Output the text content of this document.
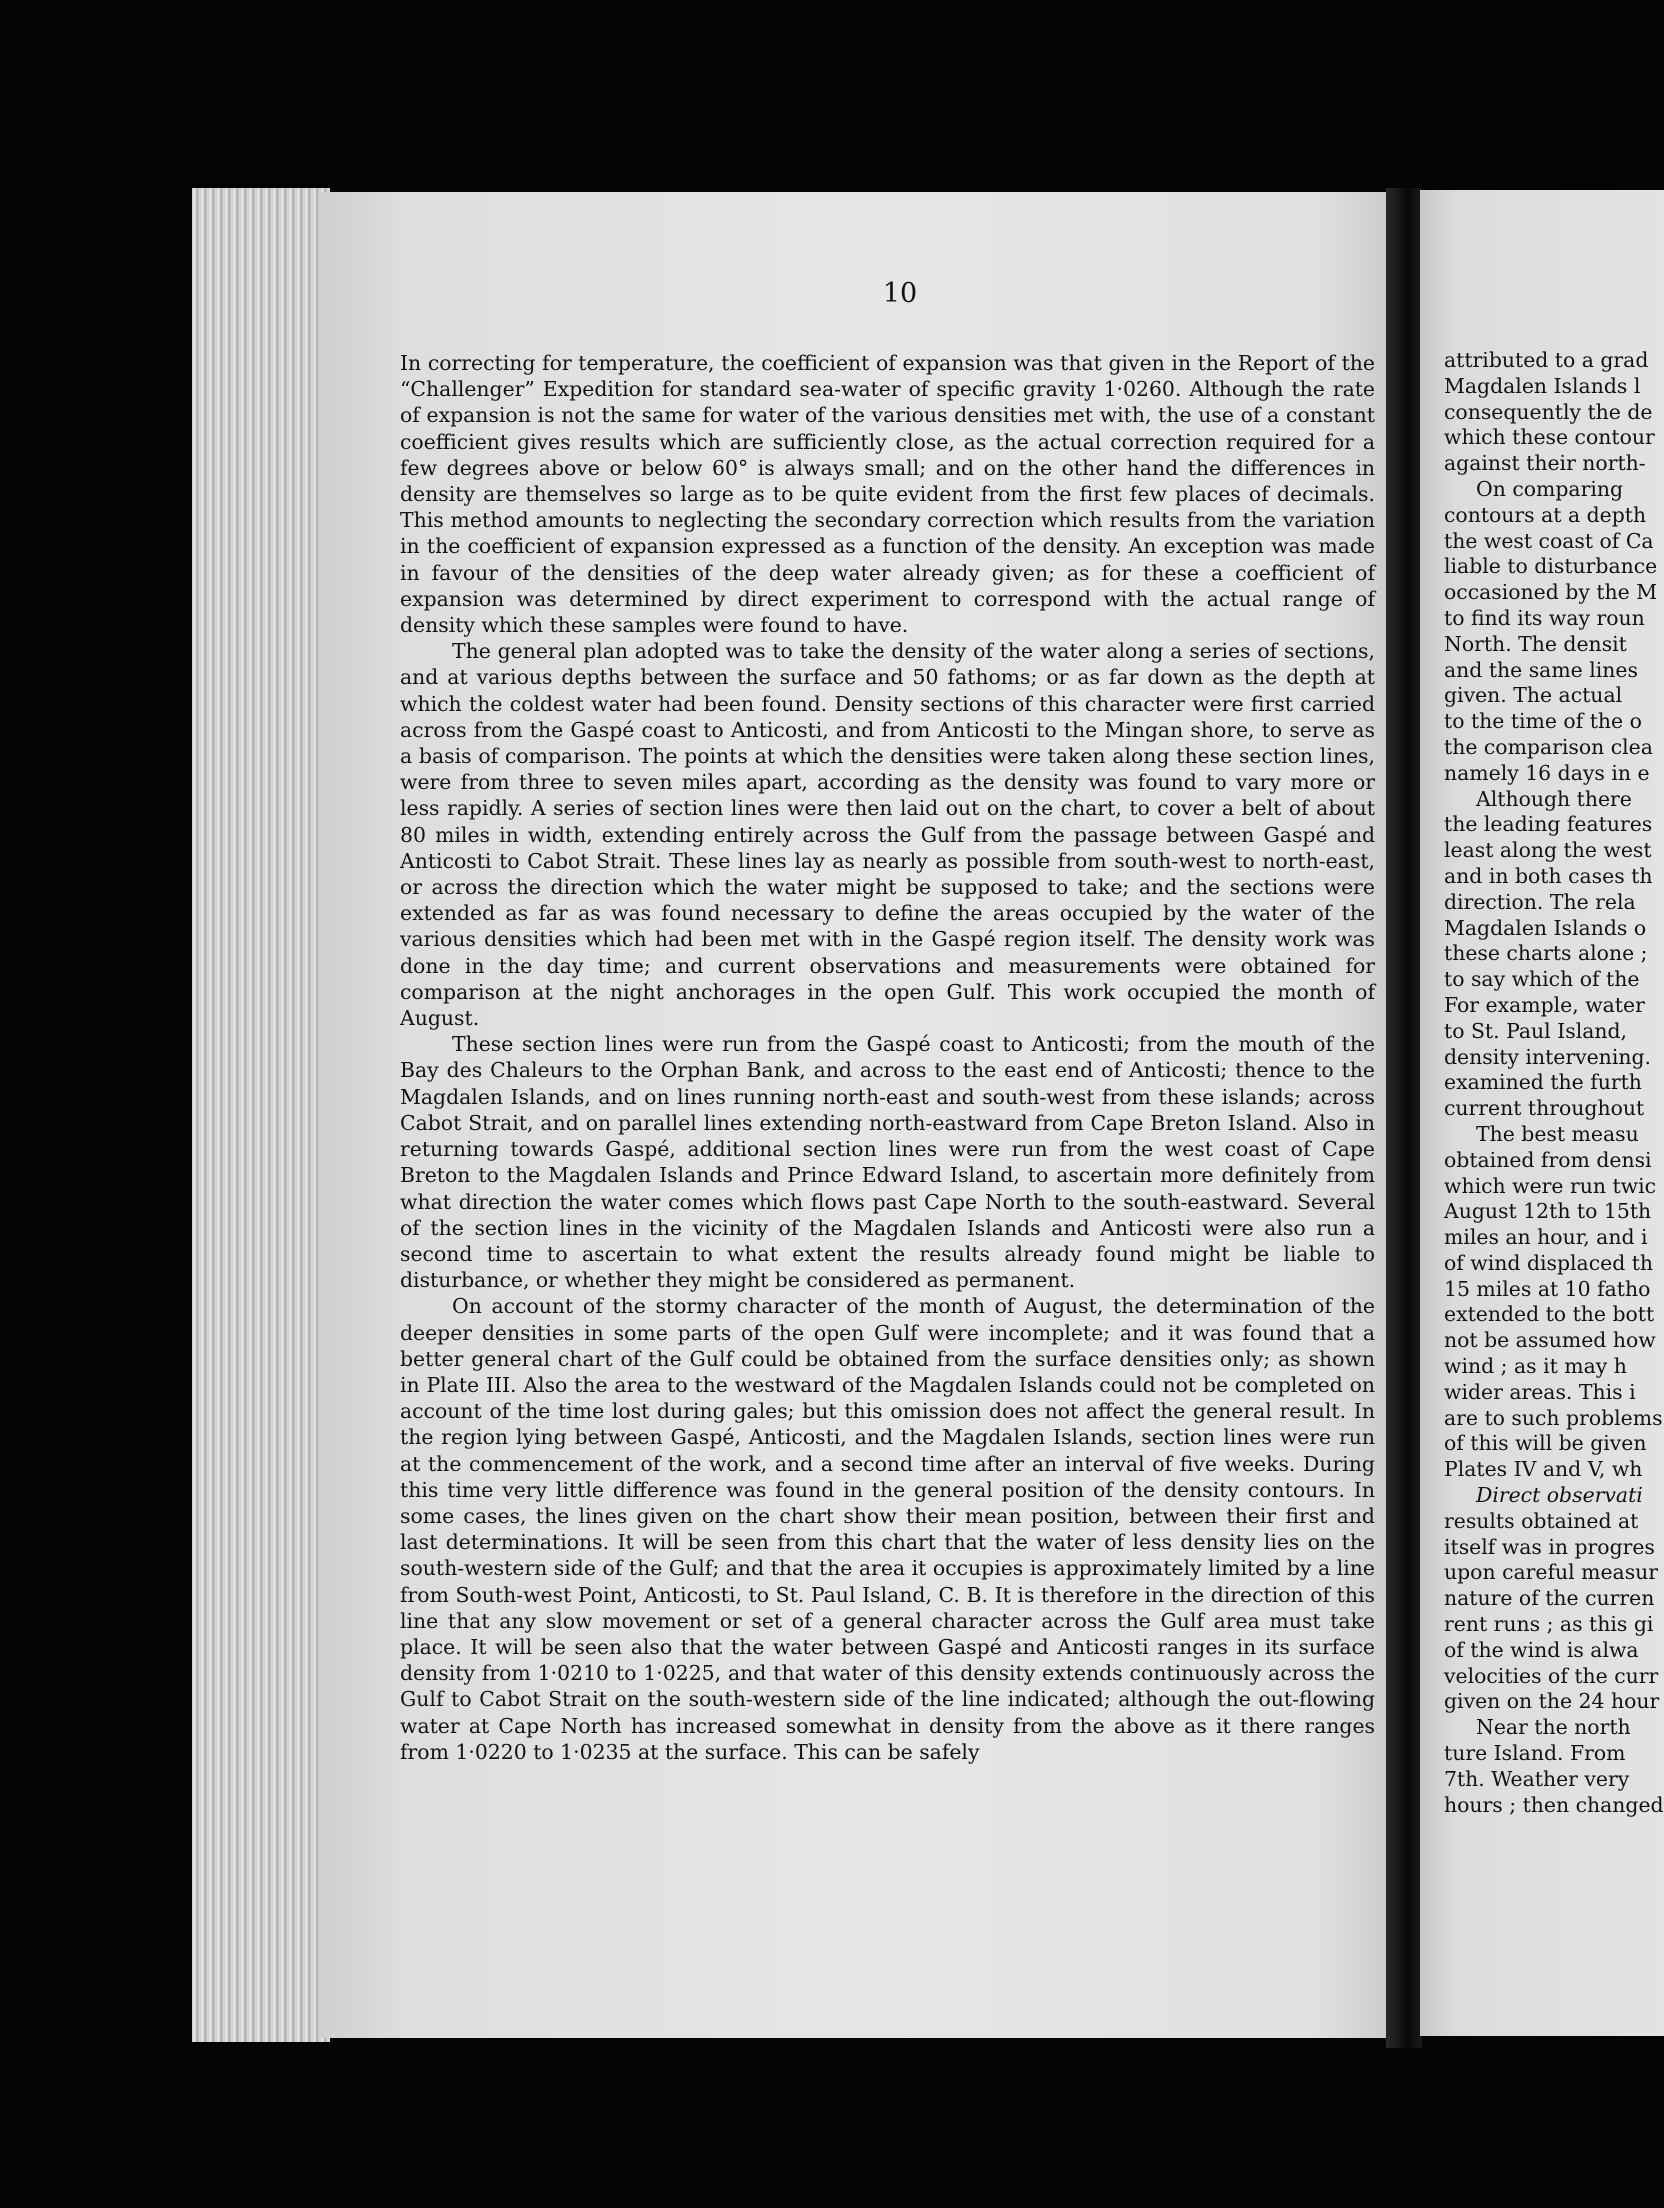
attributed to a grad
Magdalen Islands l
consequently the de
which these contour
against their north-
On comparing
contours at a depth
the west coast of Ca
liable to disturbance
occasioned by the M
to find its way roun
North. The densit
and the same lines
given. The actual
to the time of the o
the comparison clea
namely 16 days in e
Although there
the leading features
least along the west
and in both cases th
direction. The rela
Magdalen Islands o
these charts alone ;
to say which of the
For example, water
to St. Paul Island,
density intervening.
examined the furth
current throughout
The best measu
obtained from densi
which were run twic
August 12th to 15th
miles an hour, and i
of wind displaced th
15 miles at 10 fatho
extended to the bott
not be assumed how
wind ; as it may h
wider areas. This i
are to such problems
of this will be given
Plates IV and V, wh
Direct observati
results obtained at
itself was in progres
upon careful measur
nature of the curren
rent runs ; as this gi
of the wind is alwa
velocities of the curr
given on the 24 hour
Near the north
ture Island. From
7th. Weather very
hours ; then changed
10

In correcting for temperature, the coefficient of expansion was that given in the Report of the “Challenger” Expedition for standard sea-water of specific gravity 1·0260. Although the rate of expansion is not the same for water of the various densities met with, the use of a constant coefficient gives results which are sufficiently close, as the actual correction required for a few degrees above or below 60° is always small; and on the other hand the differences in density are themselves so large as to be quite evident from the first few places of decimals. This method amounts to neglecting the secondary correction which results from the variation in the coefficient of expansion expressed as a function of the density. An exception was made in favour of the densities of the deep water already given; as for these a coefficient of expansion was determined by direct experiment to correspond with the actual range of density which these samples were found to have.

The general plan adopted was to take the density of the water along a series of sections, and at various depths between the surface and 50 fathoms; or as far down as the depth at which the coldest water had been found. Density sections of this character were first carried across from the Gaspé coast to Anticosti, and from Anticosti to the Mingan shore, to serve as a basis of comparison. The points at which the densities were taken along these section lines, were from three to seven miles apart, according as the density was found to vary more or less rapidly. A series of section lines were then laid out on the chart, to cover a belt of about 80 miles in width, extending entirely across the Gulf from the passage between Gaspé and Anticosti to Cabot Strait. These lines lay as nearly as possible from south-west to north-east, or across the direction which the water might be supposed to take; and the sections were extended as far as was found necessary to define the areas occupied by the water of the various densities which had been met with in the Gaspé region itself. The density work was done in the day time; and current observations and measurements were obtained for comparison at the night anchorages in the open Gulf. This work occupied the month of August.

These section lines were run from the Gaspé coast to Anticosti; from the mouth of the Bay des Chaleurs to the Orphan Bank, and across to the east end of Anticosti; thence to the Magdalen Islands, and on lines running north-east and south-west from these islands; across Cabot Strait, and on parallel lines extending north-eastward from Cape Breton Island. Also in returning towards Gaspé, additional section lines were run from the west coast of Cape Breton to the Magdalen Islands and Prince Edward Island, to ascertain more definitely from what direction the water comes which flows past Cape North to the south-eastward. Several of the section lines in the vicinity of the Magdalen Islands and Anticosti were also run a second time to ascertain to what extent the results already found might be liable to disturbance, or whether they might be considered as permanent.

On account of the stormy character of the month of August, the determination of the deeper densities in some parts of the open Gulf were incomplete; and it was found that a better general chart of the Gulf could be obtained from the surface densities only; as shown in Plate III. Also the area to the westward of the Magdalen Islands could not be completed on account of the time lost during gales; but this omission does not affect the general result. In the region lying between Gaspé, Anticosti, and the Magdalen Islands, section lines were run at the commencement of the work, and a second time after an interval of five weeks. During this time very little difference was found in the general position of the density contours. In some cases, the lines given on the chart show their mean position, between their first and last determinations. It will be seen from this chart that the water of less density lies on the south-western side of the Gulf; and that the area it occupies is approximately limited by a line from South-west Point, Anticosti, to St. Paul Island, C. B. It is therefore in the direction of this line that any slow movement or set of a general character across the Gulf area must take place. It will be seen also that the water between Gaspé and Anticosti ranges in its surface density from 1·0210 to 1·0225, and that water of this density extends continuously across the Gulf to Cabot Strait on the south-western side of the line indicated; although the out-flowing water at Cape North has increased somewhat in density from the above as it there ranges from 1·0220 to 1·0235 at the surface. This can be safely
